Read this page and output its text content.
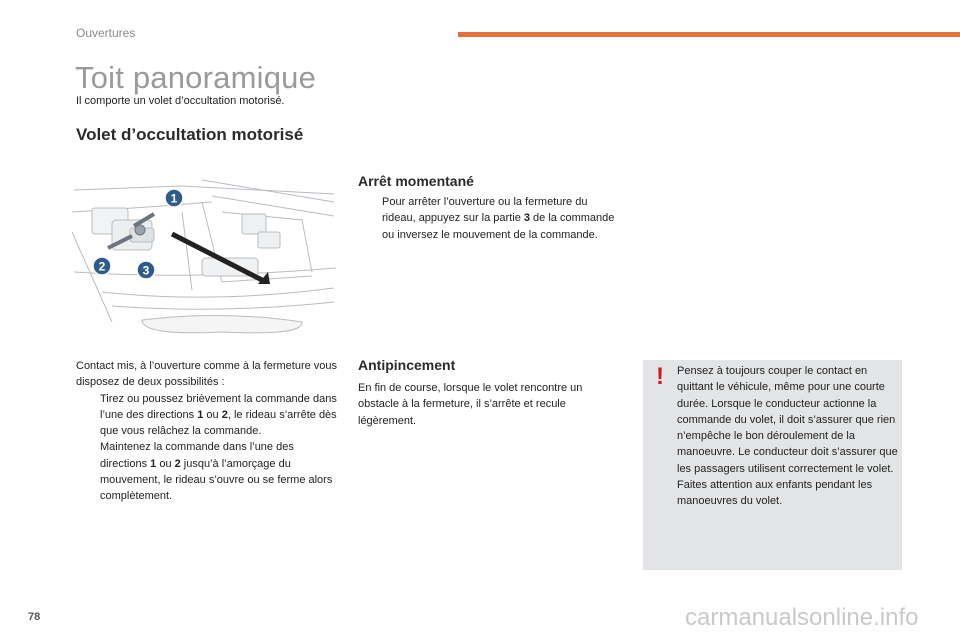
Ouvertures
Toit panoramique
Il comporte un volet d’occultation motorisé.
Volet d’occultation motorisé
1
2	3
Contact mis, à l’ouverture comme à la fermeture vous disposez de deux possibilités :
Tirez ou poussez brièvement la commande dans l’une des directions 1 ou 2, le rideau s’arrête dès que vous relâchez la commande.
Maintenez la commande dans l’une des directions 1 ou 2 jusqu’à l’amorçage du mouvement, le rideau s’ouvre ou se ferme alors complètement.
Arrêt momentané
Pour arrêter l’ouverture ou la fermeture du rideau, appuyez sur la partie 3 de la commande ou inversez le mouvement de la commande.
Antipincement
En fin de course, lorsque le volet rencontre un obstacle à la fermeture, il s’arrête et recule légèrement.
!	Pensez à toujours couper le contact en quittant le véhicule, même pour une courte durée. Lorsque le conducteur actionne la commande du volet, il doit s’assurer que rien n’empêche le bon déroulement de la manoeuvre. Le conducteur doit s’assurer que les passagers utilisent correctement le volet. Faites attention aux enfants pendant les manoeuvres du volet.
78	carmanualsonline.info
